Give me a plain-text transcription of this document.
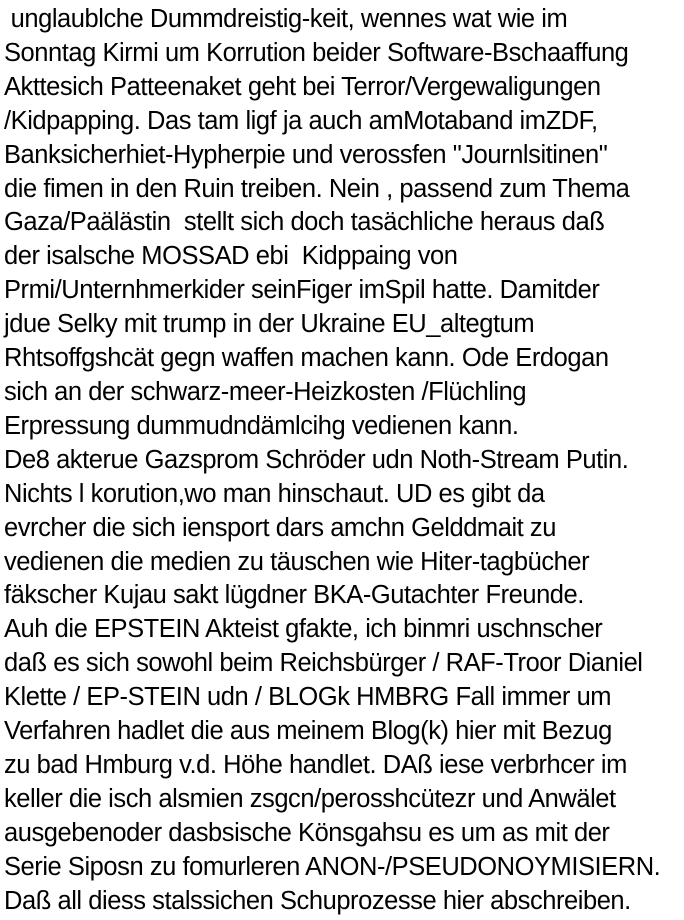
unglaublche Dummdreistig-keit, wennes wat wie im
Sonntag Kirmi um Korrution beider Software-Bschaaffung
Akttesich Patteenaket geht bei Terror/Vergewaligungen
/Kidpapping. Das tam ligf ja auch amMotaband imZDF,
Banksicherhiet-Hypherpie und verossfen "Journlsitinen"
die fimen in den Ruin treiben. Nein , passend zum Thema
Gaza/Paälästin  stellt sich doch tasächliche heraus daß
der isalsche MOSSAD ebi  Kidppaing von
Prmi/Unternhmerkider seinFiger imSpil hatte. Damitder
jdue Selky mit trump in der Ukraine EU_altegtum
Rhtsoffgshcät gegn waffen machen kann. Ode Erdogan
sich an der schwarz-meer-Heizkosten /Flüchling
Erpressung dummudndämlcihg vedienen kann.
De8 akterue Gazsprom Schröder udn Noth-Stream Putin.
Nichts l korution,wo man hinschaut. UD es gibt da
evrcher die sich iensport dars amchn Gelddmait zu
vedienen die medien zu täuschen wie Hiter-tagbücher
fäkscher Kujau sakt lügdner BKA-Gutachter Freunde.
Auh die EPSTEIN Akteist gfakte, ich binmri uschnscher
daß es sich sowohl beim Reichsbürger / RAF-Troor Dianiel
Klette / EP-STEIN udn / BLOGk HMBRG Fall immer um
Verfahren hadlet die aus meinem Blog(k) hier mit Bezug
zu bad Hmburg v.d. Höhe handlet. DAß iese verbrhcer im
keller die isch alsmien zsgcn/perosshcütezr und Anwälet
ausgebenoder dasbsische Könsgahsu es um as mit der
Serie Siposn zu fomurleren ANON-/PSEUDONOYMISIERN.
Daß all diess stalssichen Schuprozesse hier abschreiben.
